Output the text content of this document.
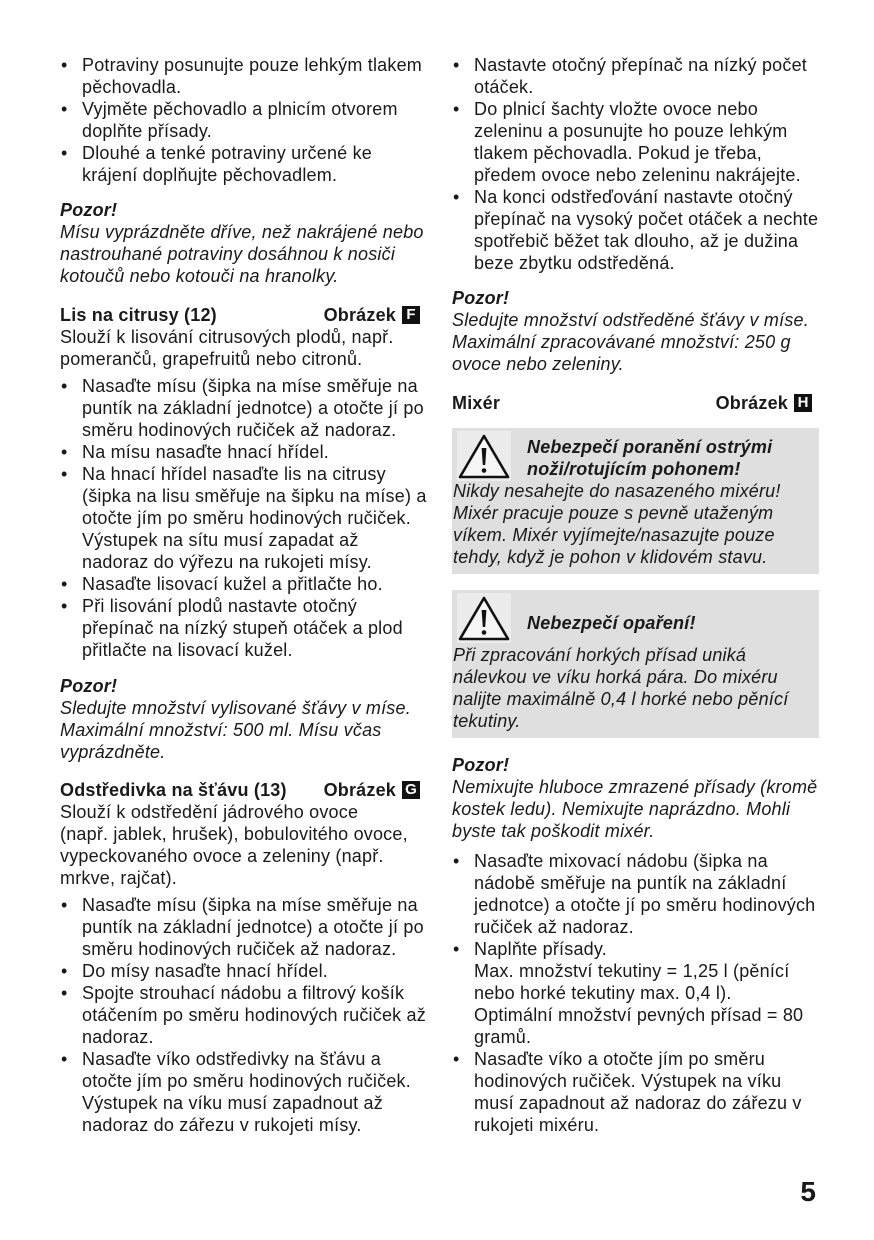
• Potraviny posunujte pouze lehkým tlakem
pěchovadla.
• Vyjměte pěchovadlo a plnicím otvorem
doplňte přísady.
• Dlouhé a tenké potraviny určené ke
krájení doplňujte pěchovadlem.
Pozor!
Mísu vyprázdněte dříve, než nakrájené nebo
nastrouhané potraviny dosáhnou k nosiči
kotoučů nebo kotouči na hranolky.
Lis na citrusy (12)	Obrázek F
Slouží k lisování citrusových plodů, např.
pomerančů, grapefruitů nebo citronů.
• Nasaďte mísu (šipka na míse směřuje na
puntík na základní jednotce) a otočte jí po
směru hodinových ručiček až nadoraz.
• Na mísu nasaďte hnací hřídel.
• Na hnací hřídel nasaďte lis na citrusy
(šipka na lisu směřuje na šipku na míse) a
otočte jím po směru hodinových ručiček.
Výstupek na sítu musí zapadat až
nadoraz do výřezu na rukojeti mísy.
• Nasaďte lisovací kužel a přitlačte ho.
• Při lisování plodů nastavte otočný
přepínač na nízký stupeň otáček a plod
přitlačte na lisovací kužel.
Pozor!
Sledujte množství vylisované šťávy v míse.
Maximální množství: 500 ml. Mísu včas
vyprázdněte.
Odstředivka na šťávu (13) Obrázek G
Slouží k odstředění jádrového ovoce
(např. jablek, hrušek), bobulovitého ovoce,
vypeckovaného ovoce a zeleniny (např.
mrkve, rajčat).
• Nasaďte mísu (šipka na míse směřuje na
puntík na základní jednotce) a otočte jí po
směru hodinových ručiček až nadoraz.
• Do mísy nasaďte hnací hřídel.
• Spojte strouhací nádobu a filtrový košík
otáčením po směru hodinových ručiček až
nadoraz.
• Nasaďte víko odstředivky na šťávu a
otočte jím po směru hodinových ručiček.
Výstupek na víku musí zapadnout až
nadoraz do zářezu v rukojeti mísy.
• Nastavte otočný přepínač na nízký počet
otáček.
• Do plnicí šachty vložte ovoce nebo
zeleninu a posunujte ho pouze lehkým
tlakem pěchovadla. Pokud je třeba,
předem ovoce nebo zeleninu nakrájejte.
• Na konci odstřeďování nastavte otočný
přepínač na vysoký počet otáček a nechte
spotřebič běžet tak dlouho, až je dužina
beze zbytku odstředěná.
Pozor!
Sledujte množství odstředěné šťávy v míse.
Maximální zpracovávané množství: 250 g
ovoce nebo zeleniny.
Mixér	Obrázek H
Nebezpečí poranění ostrými
noži/rotujícím pohonem!
Nikdy nesahejte do nasazeného mixéru!
Mixér pracuje pouze s pevně utaženým
víkem. Mixér vyjímejte/nasazujte pouze
tehdy, když je pohon v klidovém stavu.
Nebezpečí opaření!
Při zpracování horkých přísad uniká
nálevkou ve víku horká pára. Do mixéru
nalijte maximálně 0,4 l horké nebo pěnící
tekutiny.
Pozor!
Nemixujte hluboce zmrazené přísady (kromě
kostek ledu). Nemixujte naprázdno. Mohli
byste tak poškodit mixér.
• Nasaďte mixovací nádobu (šipka na
nádobě směřuje na puntík na základní
jednotce) a otočte jí po směru hodinových
ručiček až nadoraz.
• Naplňte přísady.
Max. množství tekutiny = 1,25 l (pěnící
nebo horké tekutiny max. 0,4 l).
Optimální množství pevných přísad = 80
gramů.
• Nasaďte víko a otočte jím po směru
hodinových ručiček. Výstupek na víku
musí zapadnout až nadoraz do zářezu v
rukojeti mixéru.
5
